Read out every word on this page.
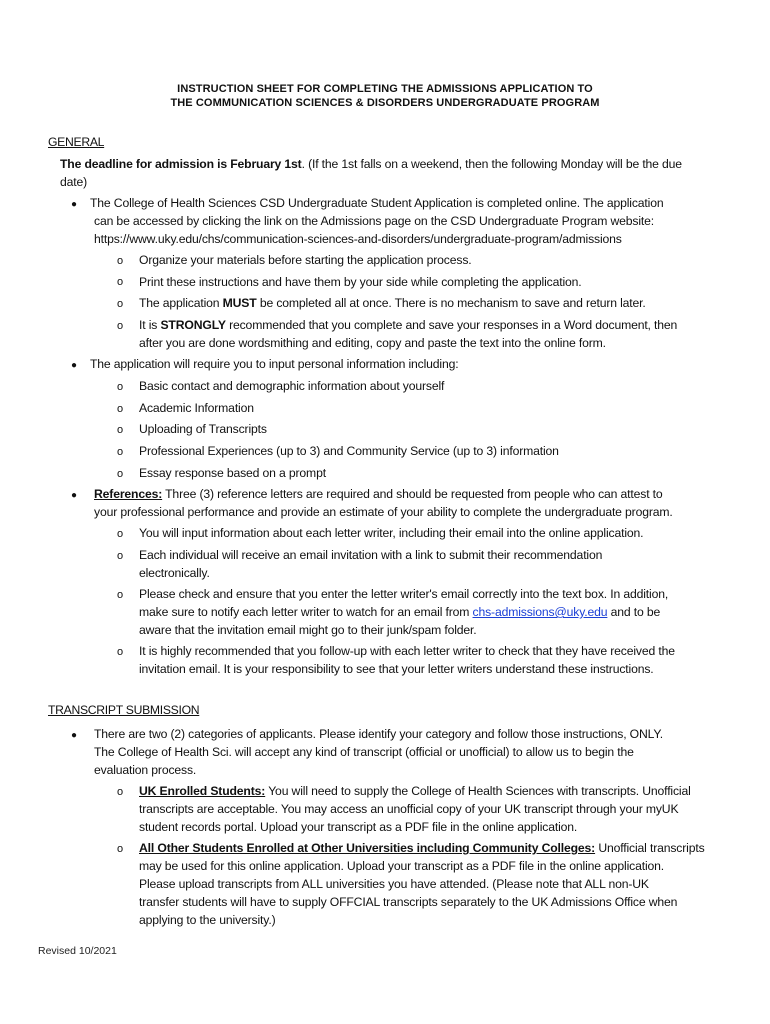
INSTRUCTION SHEET FOR COMPLETING THE ADMISSIONS APPLICATION TO
THE COMMUNICATION SCIENCES & DISORDERS UNDERGRADUATE PROGRAM
GENERAL
The deadline for admission is February 1st. (If the 1st falls on a weekend, then the following Monday will be the due
date)
● The College of Health Sciences CSD Undergraduate Student Application is completed online. The application
can be accessed by clicking the link on the Admissions page on the CSD Undergraduate Program website:
https://www.uky.edu/chs/communication-sciences-and-disorders/undergraduate-program/admissions
o Organize your materials before starting the application process.
o Print these instructions and have them by your side while completing the application.
o The application MUST be completed all at once. There is no mechanism to save and return later.
o It is STRONGLY recommended that you complete and save your responses in a Word document, then
after you are done wordsmithing and editing, copy and paste the text into the online form.
● The application will require you to input personal information including:
o Basic contact and demographic information about yourself
o Academic Information
o Uploading of Transcripts
o Professional Experiences (up to 3) and Community Service (up to 3) information
o Essay response based on a prompt
● References: Three (3) reference letters are required and should be requested from people who can attest to
your professional performance and provide an estimate of your ability to complete the undergraduate program.
o You will input information about each letter writer, including their email into the online application.
o Each individual will receive an email invitation with a link to submit their recommendation
electronically.
o Please check and ensure that you enter the letter writer's email correctly into the text box. In addition,
make sure to notify each letter writer to watch for an email from chs-admissions@uky.edu and to be
aware that the invitation email might go to their junk/spam folder.
o It is highly recommended that you follow-up with each letter writer to check that they have received the
invitation email. It is your responsibility to see that your letter writers understand these instructions.
TRANSCRIPT SUBMISSION
● There are two (2) categories of applicants. Please identify your category and follow those instructions, ONLY.
The College of Health Sci. will accept any kind of transcript (official or unofficial) to allow us to begin the
evaluation process.
o UK Enrolled Students: You will need to supply the College of Health Sciences with transcripts. Unofficial
transcripts are acceptable. You may access an unofficial copy of your UK transcript through your myUK
student records portal. Upload your transcript as a PDF file in the online application.
o All Other Students Enrolled at Other Universities including Community Colleges: Unofficial transcripts
may be used for this online application. Upload your transcript as a PDF file in the online application.
Please upload transcripts from ALL universities you have attended. (Please note that ALL non-UK
transfer students will have to supply OFFCIAL transcripts separately to the UK Admissions Office when
applying to the university.)
Revised 10/2021
